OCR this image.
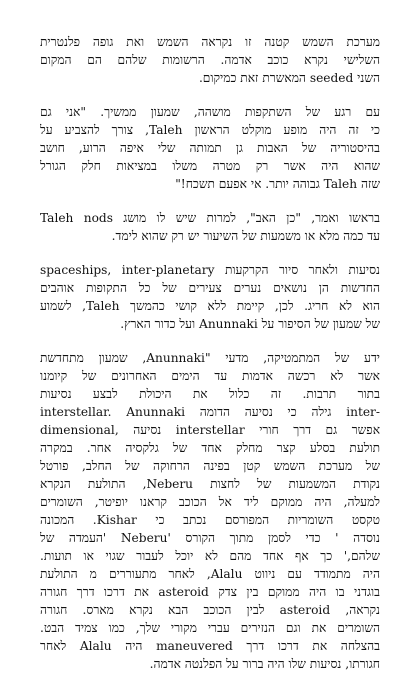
מערכת השמש קטנה זו נקראה השמש ואת גופה פלנטרית
השלישי נקרא כוכב אדמה. הרשומות שלהם הם המקום
השני seeded המאשרת זאת כמיקום.
עם רגע של השתקפות מושהה, שמעון ממשיך. "אני גם
כי זה היה מופע מוקלט הראשון Taleh, צורך להצביע על
בהיסטוריה של האבות גן תמותה שלי איפה הרוע, חושב
שהוא היה אשר רק מטרה משלו במציאות חלק הגורל
שזה Taleh גבוהה יותר. אי אפעם תשכח!"
Taleh nods בראשו ואמר, "כן האב", למרות שיש לו מושג
עד כמה מלא או משמעות של השיעור יש רק שהוא לימד.
spaceships, inter-planetary נסיעות ולאחר סיור הקרקעות
החדשות הן נושאים נערים צעירים של כל התקופות אוהבים
הוא לא חריג. לכן, קיימת ללא קושי כהמשך Taleh, לשמוע
של שמעון של הסיפור על Anunnaki ועל כדור הארץ.
ידע של המתמטיקה, מדעי "Anunnaki, שמעון מתחדשת
אשר לא רכשה אדמות עד הימים האחרונים של קיומנו
בתור תרבות. זה כלול את היכולת לבצע נסיעות
interstellar. Anunnaki גילה כי נסיעה הדומה inter-
dimensional, נסיעה interstellar אפשר גם דרך חורי
תולעת בסלע קצר מחלק אחד של גלקסיה אחר. במקרה
של מערכת השמש קטן בפינה הרחוקה של החלב, פורטל
נקודת המשמעות של לחצות Neberu, התולעת הנקרא
למעלה, היה ממוקם ליד אל הכוכב קראנו יופיטר, השומרים
טקסט השומריות המפורסם נכתב כי Kishar. המכונה
נוסדה ' כדי לסמן מתוך הקורס 'Neberu 'העמדה של
שלהם,' כך אף אחד מהם לא יוכל לעבור שגוי או תועות.
היה מתמודד עם ניווט Alalu, לאחר מתעוררים מ התולעת
בוגדני בו היה ממוקם בין צדק asteroid את דרכו דרך חגורה
נקראה, asteroid לבין הכוכב הבא נקרא מארס. חגורה
השומרים את וגם הנזירים עברי מקורי שלך, כמו צמיד הבט.
בהצלחה את דרכו דרך maneuvered היה Alalu לאחר
חגורתו, נסיעות שלו היה ברור על הפלנטה אדמה.
